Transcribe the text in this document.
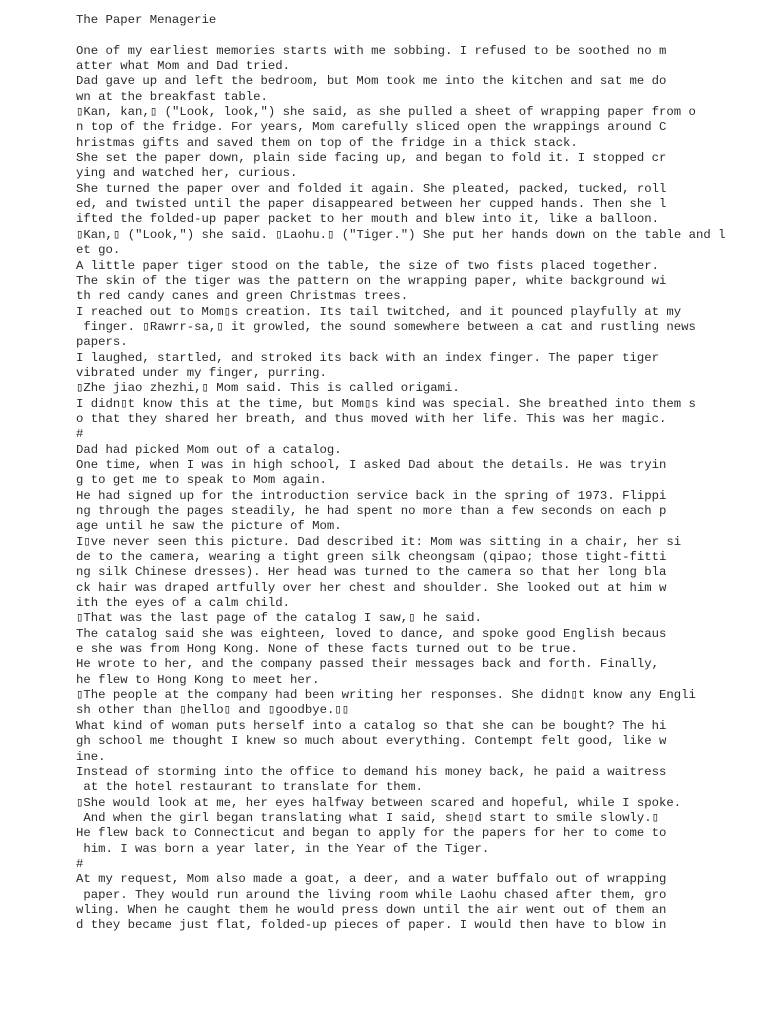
The Paper Menagerie
One of my earliest memories starts with me sobbing. I refused to be soothed no m
atter what Mom and Dad tried.
Dad gave up and left the bedroom, but Mom took me into the kitchen and sat me do
wn at the breakfast table.
▯Kan, kan,▯ ("Look, look,") she said, as she pulled a sheet of wrapping paper from o
n top of the fridge. For years, Mom carefully sliced open the wrappings around C
hristmas gifts and saved them on top of the fridge in a thick stack.
She set the paper down, plain side facing up, and began to fold it. I stopped cr
ying and watched her, curious.
She turned the paper over and folded it again. She pleated, packed, tucked, roll
ed, and twisted until the paper disappeared between her cupped hands. Then she l
ifted the folded-up paper packet to her mouth and blew into it, like a balloon.
▯Kan,▯ ("Look,") she said. ▯Laohu.▯ ("Tiger.") She put her hands down on the table and l
et go.
A little paper tiger stood on the table, the size of two fists placed together.
The skin of the tiger was the pattern on the wrapping paper, white background wi
th red candy canes and green Christmas trees.
I reached out to Mom▯s creation. Its tail twitched, and it pounced playfully at my
finger. ▯Rawrr-sa,▯ it growled, the sound somewhere between a cat and rustling news
papers.
I laughed, startled, and stroked its back with an index finger. The paper tiger
vibrated under my finger, purring.
▯Zhe jiao zhezhi,▯ Mom said. This is called origami.
I didn▯t know this at the time, but Mom▯s kind was special. She breathed into them s
o that they shared her breath, and thus moved with her life. This was her magic.
#
Dad had picked Mom out of a catalog.
One time, when I was in high school, I asked Dad about the details. He was tryin
g to get me to speak to Mom again.
He had signed up for the introduction service back in the spring of 1973. Flippi
ng through the pages steadily, he had spent no more than a few seconds on each p
age until he saw the picture of Mom.
I▯ve never seen this picture. Dad described it: Mom was sitting in a chair, her si
de to the camera, wearing a tight green silk cheongsam (qipao; those tight-fitti
ng silk Chinese dresses). Her head was turned to the camera so that her long bla
ck hair was draped artfully over her chest and shoulder. She looked out at him w
ith the eyes of a calm child.
▯That was the last page of the catalog I saw,▯ he said.
The catalog said she was eighteen, loved to dance, and spoke good English becaus
e she was from Hong Kong. None of these facts turned out to be true.
He wrote to her, and the company passed their messages back and forth. Finally,
he flew to Hong Kong to meet her.
▯The people at the company had been writing her responses. She didn▯t know any Engli
sh other than ▯hello▯ and ▯goodbye.▯▯
What kind of woman puts herself into a catalog so that she can be bought? The hi
gh school me thought I knew so much about everything. Contempt felt good, like w
ine.
Instead of storming into the office to demand his money back, he paid a waitress
at the hotel restaurant to translate for them.
▯She would look at me, her eyes halfway between scared and hopeful, while I spoke.
And when the girl began translating what I said, she▯d start to smile slowly.▯
He flew back to Connecticut and began to apply for the papers for her to come to
him. I was born a year later, in the Year of the Tiger.
#
At my request, Mom also made a goat, a deer, and a water buffalo out of wrapping
paper. They would run around the living room while Laohu chased after them, gro
wling. When he caught them he would press down until the air went out of them an
d they became just flat, folded-up pieces of paper. I would then have to blow in
